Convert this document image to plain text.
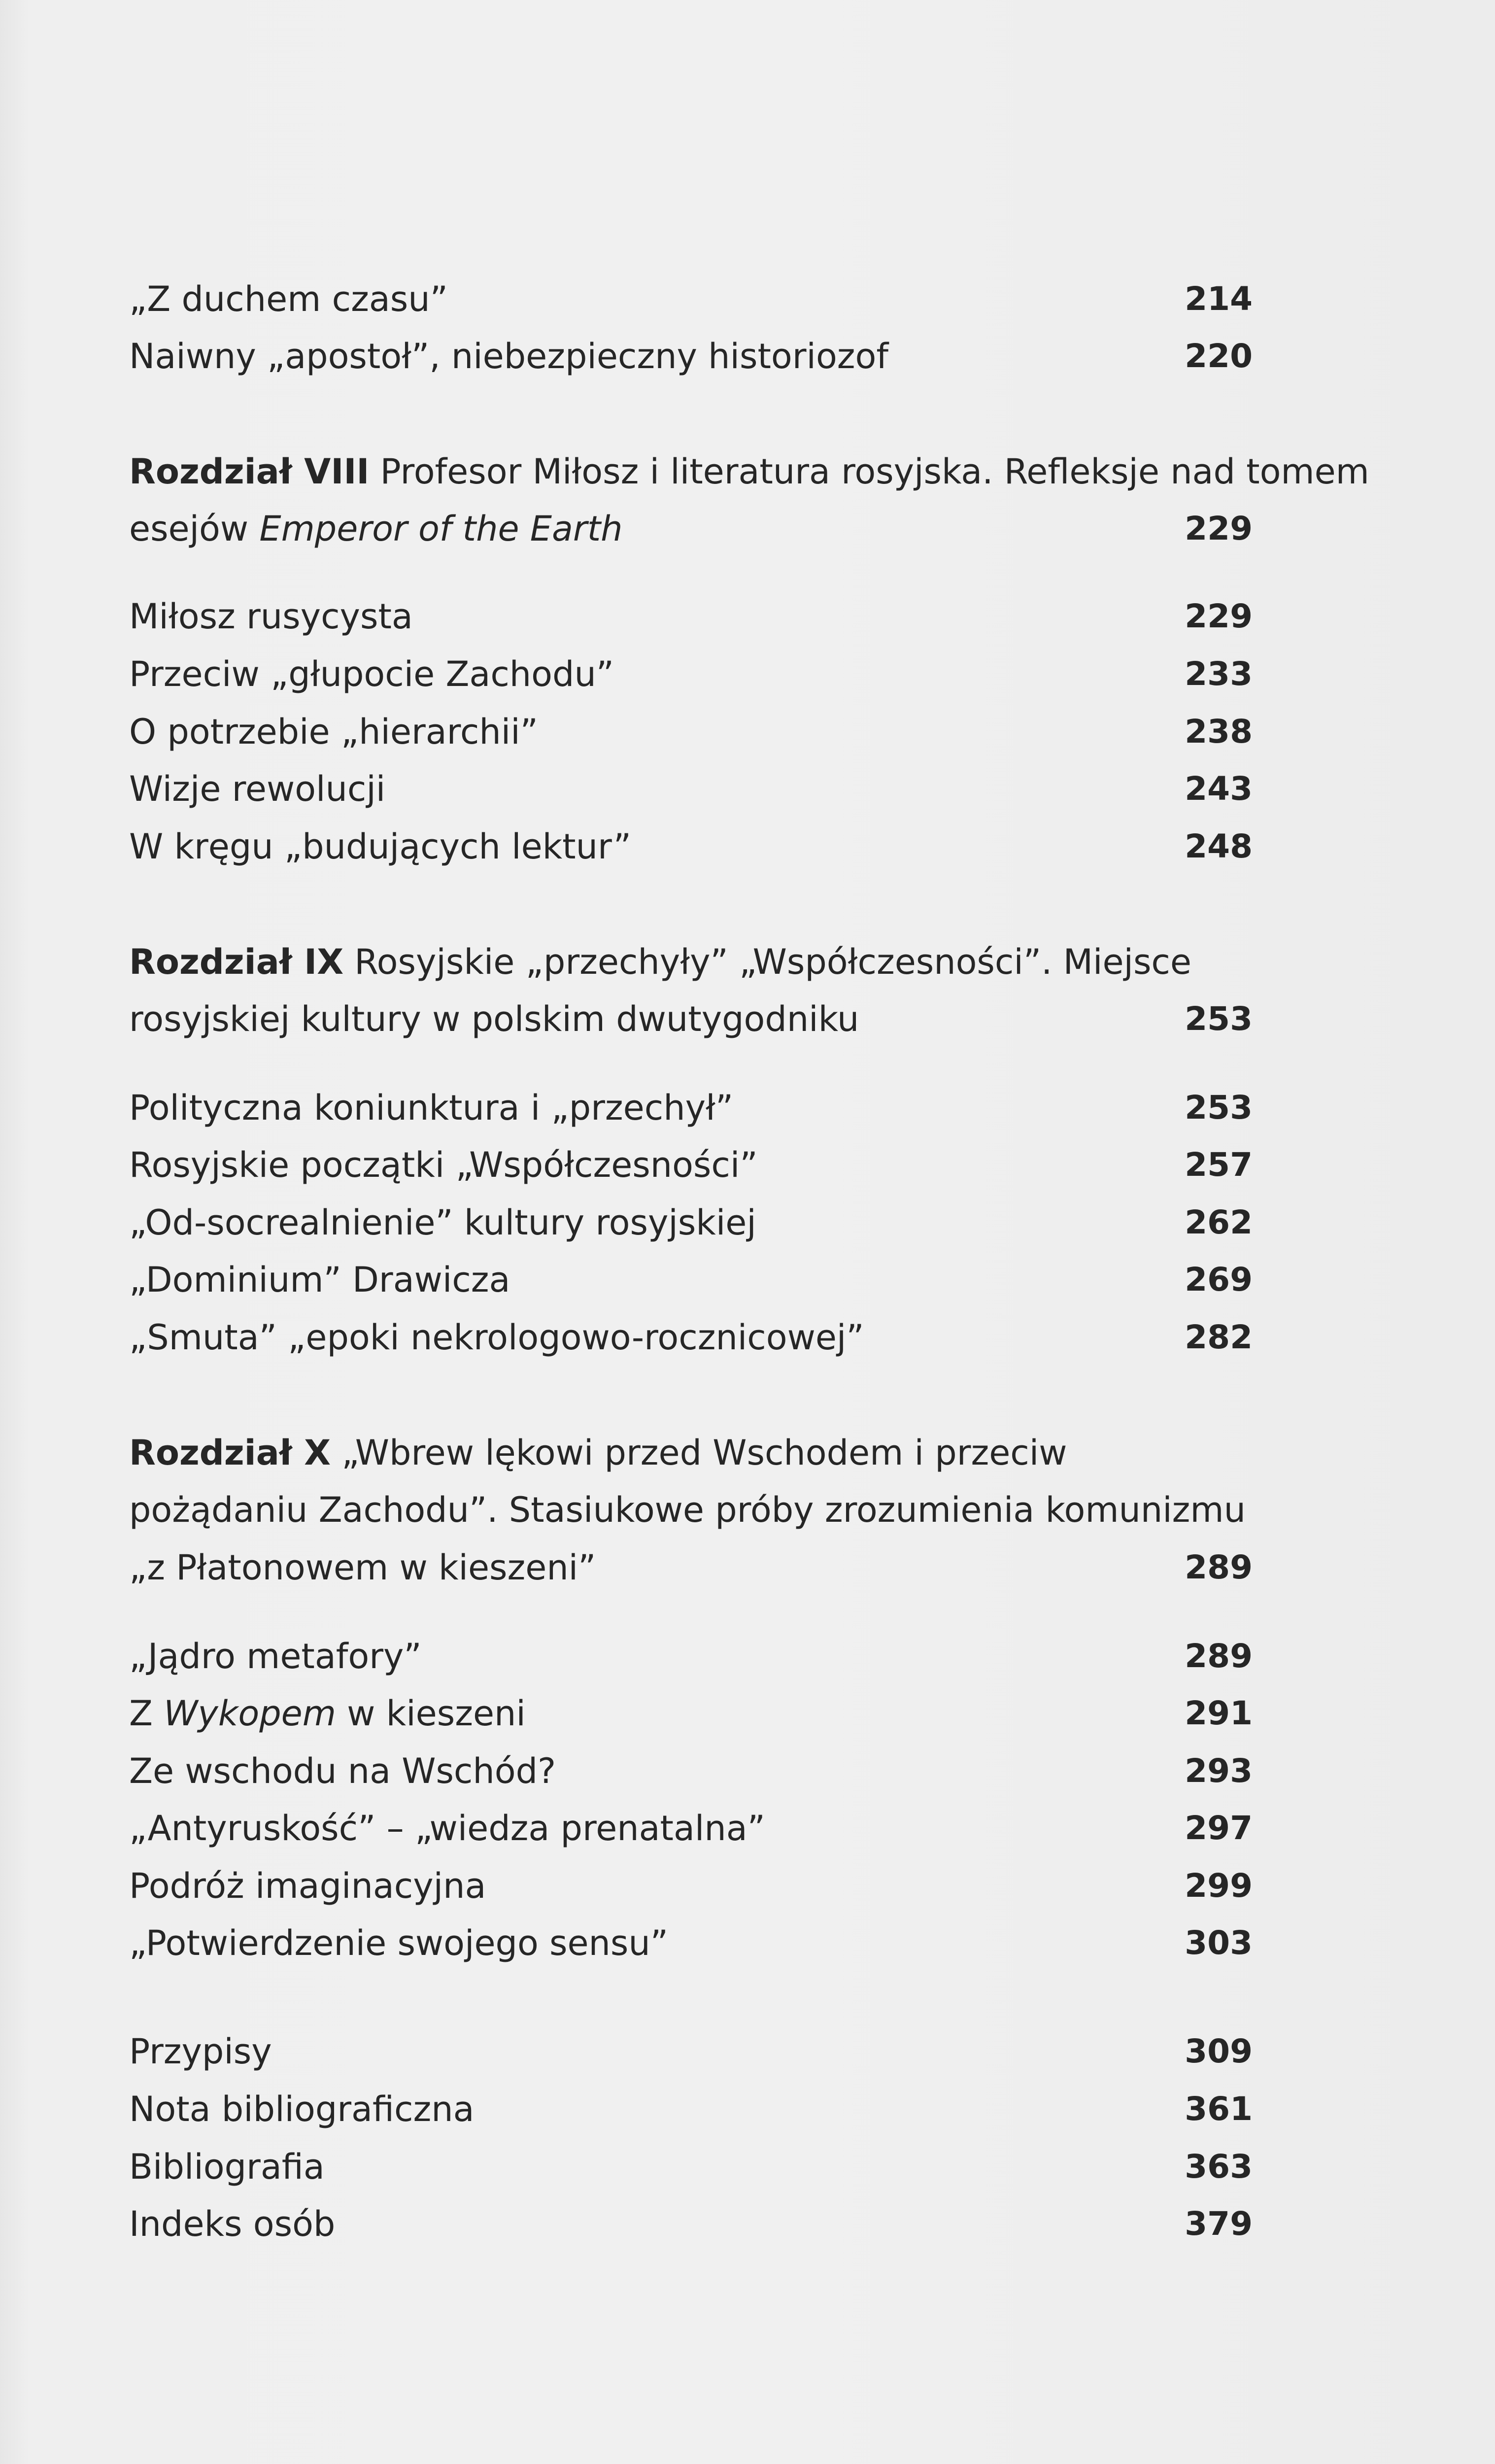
„Z duchem czasu”	214
Naiwny „apostoł”, niebezpieczny historiozof	220
Rozdział VIII Profesor Miłosz i literatura rosyjska. Refleksje nad tomem
esejów Emperor of the Earth	229
Miłosz rusycysta	229
Przeciw „głupocie Zachodu”	233
O potrzebie „hierarchii”	238
Wizje rewolucji	243
W kręgu „budujących lektur”	248
Rozdział IX Rosyjskie „przechyły” „Współczesności”. Miejsce
rosyjskiej kultury w polskim dwutygodniku	253
Polityczna koniunktura i „przechył”	253
Rosyjskie początki „Współczesności”	257
„Od-socrealnienie” kultury rosyjskiej	262
„Dominium” Drawicza	269
„Smuta” „epoki nekrologowo-rocznicowej”	282
Rozdział X „Wbrew lękowi przed Wschodem i przeciw
pożądaniu Zachodu”. Stasiukowe próby zrozumienia komunizmu
„z Płatonowem w kieszeni”	289
„Jądro metafory”	289
Z Wykopem w kieszeni	291
Ze wschodu na Wschód?	293
„Antyruskość” – „wiedza prenatalna”	297
Podróż imaginacyjna	299
„Potwierdzenie swojego sensu”	303
Przypisy	309
Nota bibliograficzna	361
Bibliografia	363
Indeks osób	379
